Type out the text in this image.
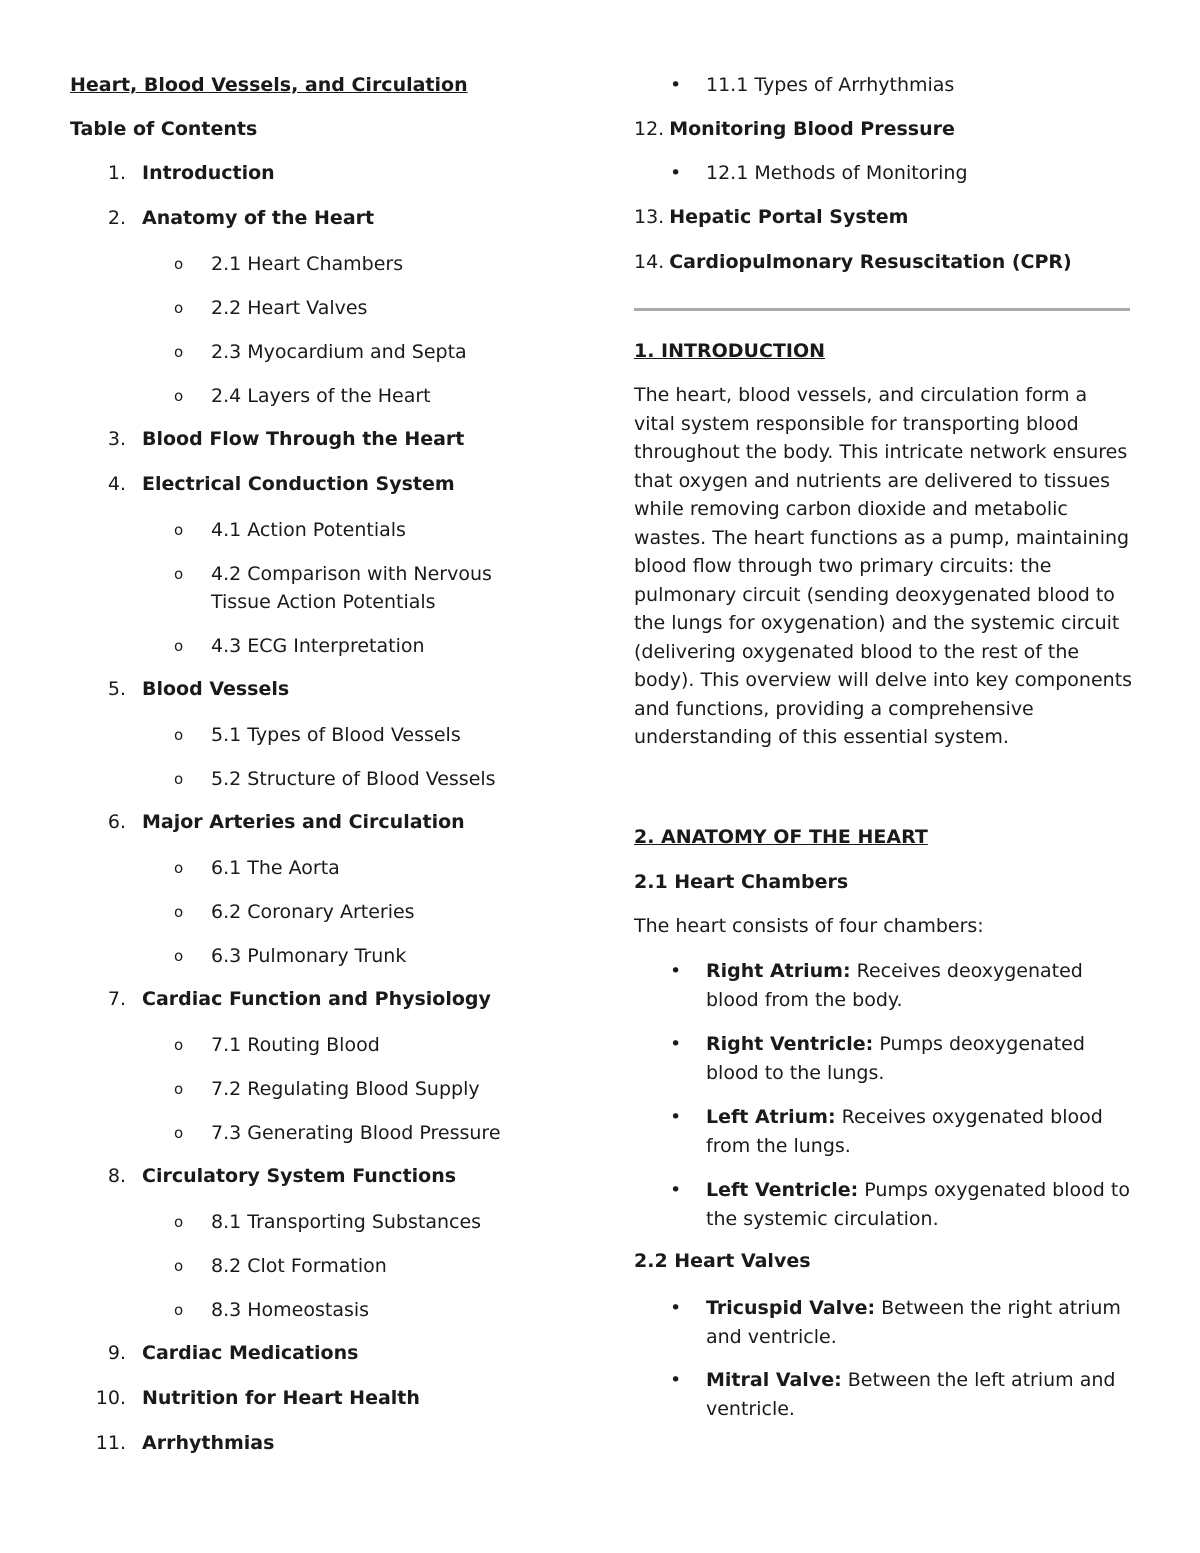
Heart, Blood Vessels, and Circulation
Table of Contents
1. Introduction
2. Anatomy of the Heart
o 2.1 Heart Chambers
o 2.2 Heart Valves
o 2.3 Myocardium and Septa
o 2.4 Layers of the Heart
3. Blood Flow Through the Heart
4. Electrical Conduction System
o 4.1 Action Potentials
o 4.2 Comparison with Nervous Tissue Action Potentials
o 4.3 ECG Interpretation
5. Blood Vessels
o 5.1 Types of Blood Vessels
o 5.2 Structure of Blood Vessels
6. Major Arteries and Circulation
o 6.1 The Aorta
o 6.2 Coronary Arteries
o 6.3 Pulmonary Trunk
7. Cardiac Function and Physiology
o 7.1 Routing Blood
o 7.2 Regulating Blood Supply
o 7.3 Generating Blood Pressure
8. Circulatory System Functions
o 8.1 Transporting Substances
o 8.2 Clot Formation
o 8.3 Homeostasis
9. Cardiac Medications
10. Nutrition for Heart Health
11. Arrhythmias
• 11.1 Types of Arrhythmias
12. Monitoring Blood Pressure
• 12.1 Methods of Monitoring
13. Hepatic Portal System
14. Cardiopulmonary Resuscitation (CPR)
1. INTRODUCTION
The heart, blood vessels, and circulation form a vital system responsible for transporting blood throughout the body. This intricate network ensures that oxygen and nutrients are delivered to tissues while removing carbon dioxide and metabolic wastes. The heart functions as a pump, maintaining blood flow through two primary circuits: the pulmonary circuit (sending deoxygenated blood to the lungs for oxygenation) and the systemic circuit (delivering oxygenated blood to the rest of the body). This overview will delve into key components and functions, providing a comprehensive understanding of this essential system.
2. ANATOMY OF THE HEART
2.1 Heart Chambers
The heart consists of four chambers:
• Right Atrium: Receives deoxygenated blood from the body.
• Right Ventricle: Pumps deoxygenated blood to the lungs.
• Left Atrium: Receives oxygenated blood from the lungs.
• Left Ventricle: Pumps oxygenated blood to the systemic circulation.
2.2 Heart Valves
• Tricuspid Valve: Between the right atrium and ventricle.
• Mitral Valve: Between the left atrium and ventricle.
